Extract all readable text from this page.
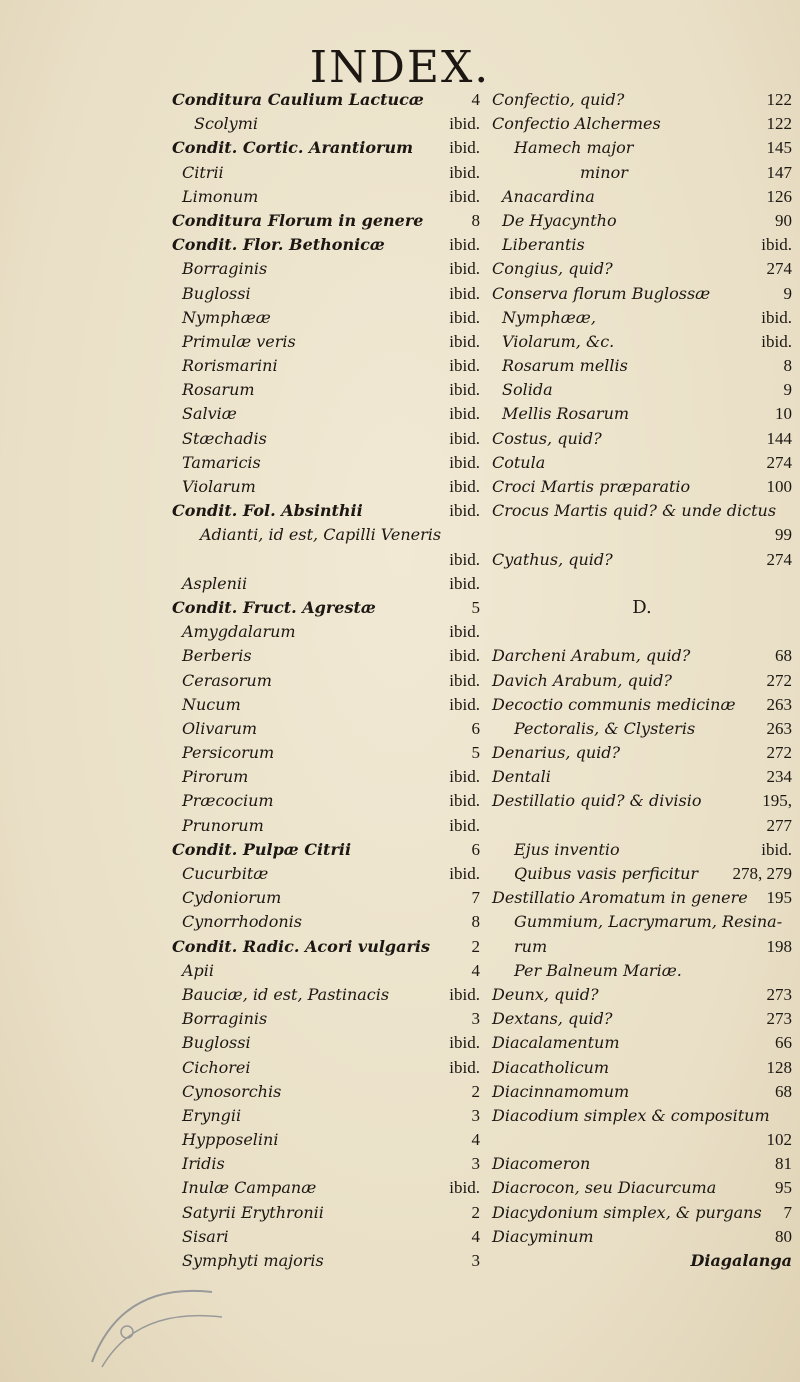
INDEX.
Conditura Caulium Lactucæ	4
Scolymi	ibid.
Condit. Cortic. Arantiorum ibid.
Citrii	ibid.
Limonum	ibid.
Conditura Florum in genere	8
Condit. Flor. Bethonicæ	ibid.
Borraginis	ibid.
Buglossi	ibid.
Nymphææ	ibid.
Primulæ veris	ibid.
Rorismarini	ibid.
Rosarum	ibid.
Salviæ	ibid.
Stæchadis	ibid.
Tamaricis	ibid.
Violarum	ibid.
Condit. Fol. Absinthii	ibid.
Adianti, id est, Capilli Veneris
ibid.
Asplenii	ibid.
Condit. Fruct. Agrestæ	5
Amygdalarum	ibid.
Berberis	ibid.
Cerasorum	ibid.
Nucum	ibid.
Olivarum	6
Persicorum	5
Pirorum	ibid.
Præcocium	ibid.
Prunorum	ibid.
Condit. Pulpæ Citrii	6
Cucurbitæ	ibid.
Cydoniorum	7
Cynorrhodonis	8
Condit. Radic. Acori vulgaris 2
Apii	4
Bauciæ, id est, Pastinacis	ibid.
Borraginis	3
Buglossi	ibid.
Cichorei	ibid.
Cynosorchis	2
Eryngii	3
Hypposelini	4
Iridis	3
Inulæ Campanæ	ibid.
Satyrii Erythronii	2
Sisari	4
Symphyti majoris	3
Confectio, quid?	122
Confectio Alchermes	122
Hamech major	145
minor	147
Anacardina	126
De Hyacyntho	90
Liberantis	ibid.
Congius, quid?	274
Conserva florum Buglossæ	9
Nymphææ,	ibid.
Violarum, &c.	ibid.
Rosarum mellis	8
Solida	9
Mellis Rosarum	10
Costus, quid?	144
Cotula	274
Croci Martis præparatio	100
Crocus Martis quid? & unde dictus
99
Cyathus, quid?	274
D.
Darcheni Arabum, quid?	68
Davich Arabum, quid?	272
Decoctio communis medicinæ 263
Pectoralis, & Clysteris	263
Denarius, quid?	272
Dentali	234
Destillatio quid? & divisio	195,
277
Ejus inventio	ibid.
Quibus vasis perficitur 278, 279
Destillatio Aromatum in genere 195
Gummium, Lacrymarum, Resina-
rum	198
Per Balneum Mariæ.
Deunx, quid?	273
Dextans, quid?	273
Diacalamentum	66
Diacatholicum	128
Diacinnamomum	68
Diacodium simplex & compositum
102
Diacomeron	81
Diacrocon, seu Diacurcuma	95
Diacydonium simplex, & purgans 7
Diacyminum	80
Diagalanga
